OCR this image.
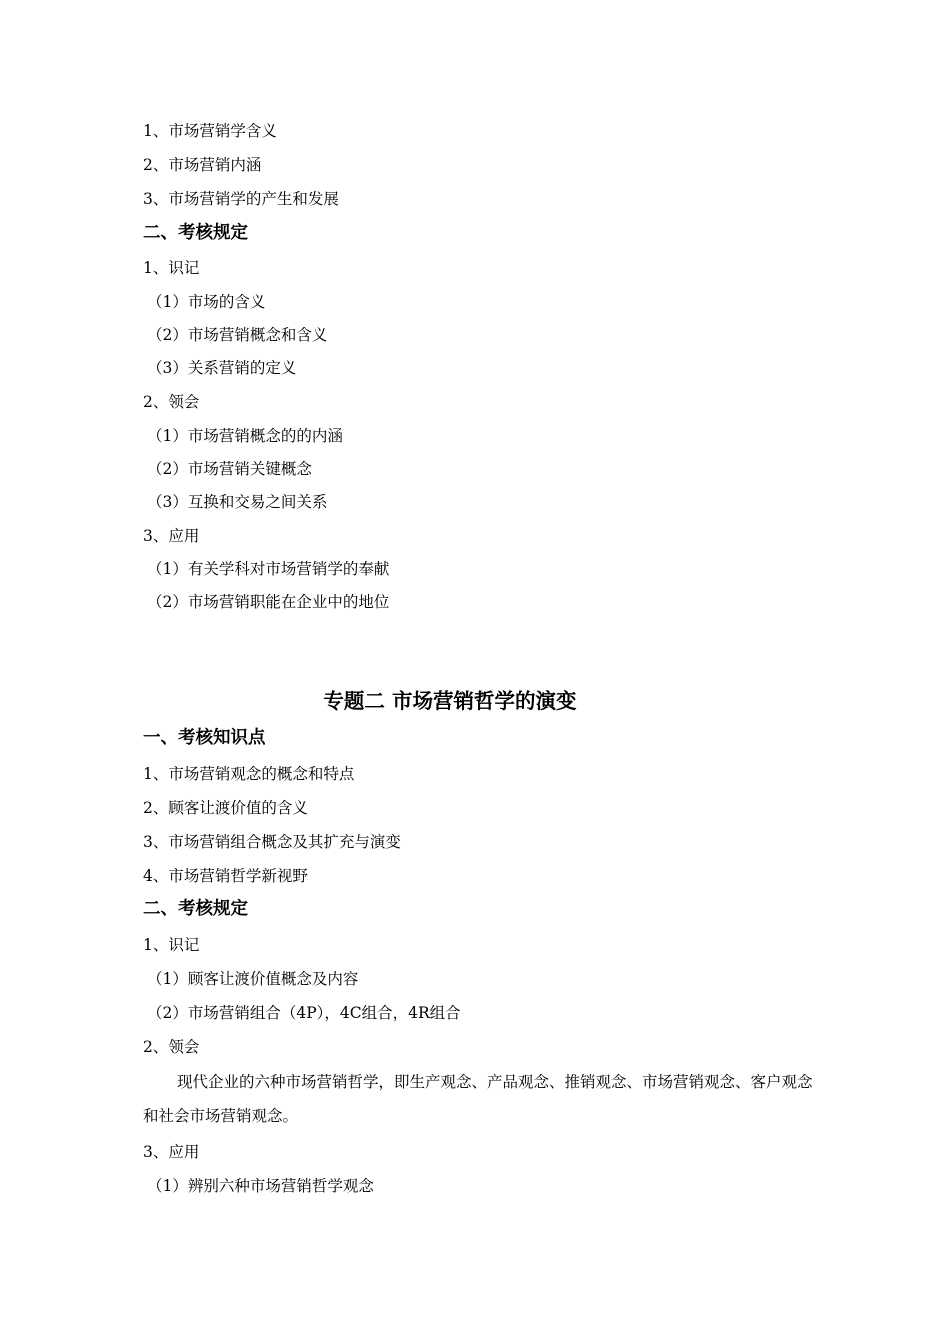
1、市场营销学含义
2、市场营销内涵
3、市场营销学的产生和发展
二、考核规定
1、识记
（1）市场的含义
（2）市场营销概念和含义
（3）关系营销的定义
2、领会
（1）市场营销概念的的内涵
（2）市场营销关键概念
（3）互换和交易之间关系
3、应用
（1）有关学科对市场营销学的奉献
（2）市场营销职能在企业中的地位
专题二 市场营销哲学的演变
一、考核知识点
1、市场营销观念的概念和特点
2、顾客让渡价值的含义
3、市场营销组合概念及其扩充与演变
4、市场营销哲学新视野
二、考核规定
1、识记
（1）顾客让渡价值概念及内容
（2）市场营销组合（4P），4C组合，4R组合
2、领会
现代企业的六种市场营销哲学，即生产观念、产品观念、推销观念、市场营销观念、客户观念和社会市场营销观念。
3、应用
（1）辨别六种市场营销哲学观念
